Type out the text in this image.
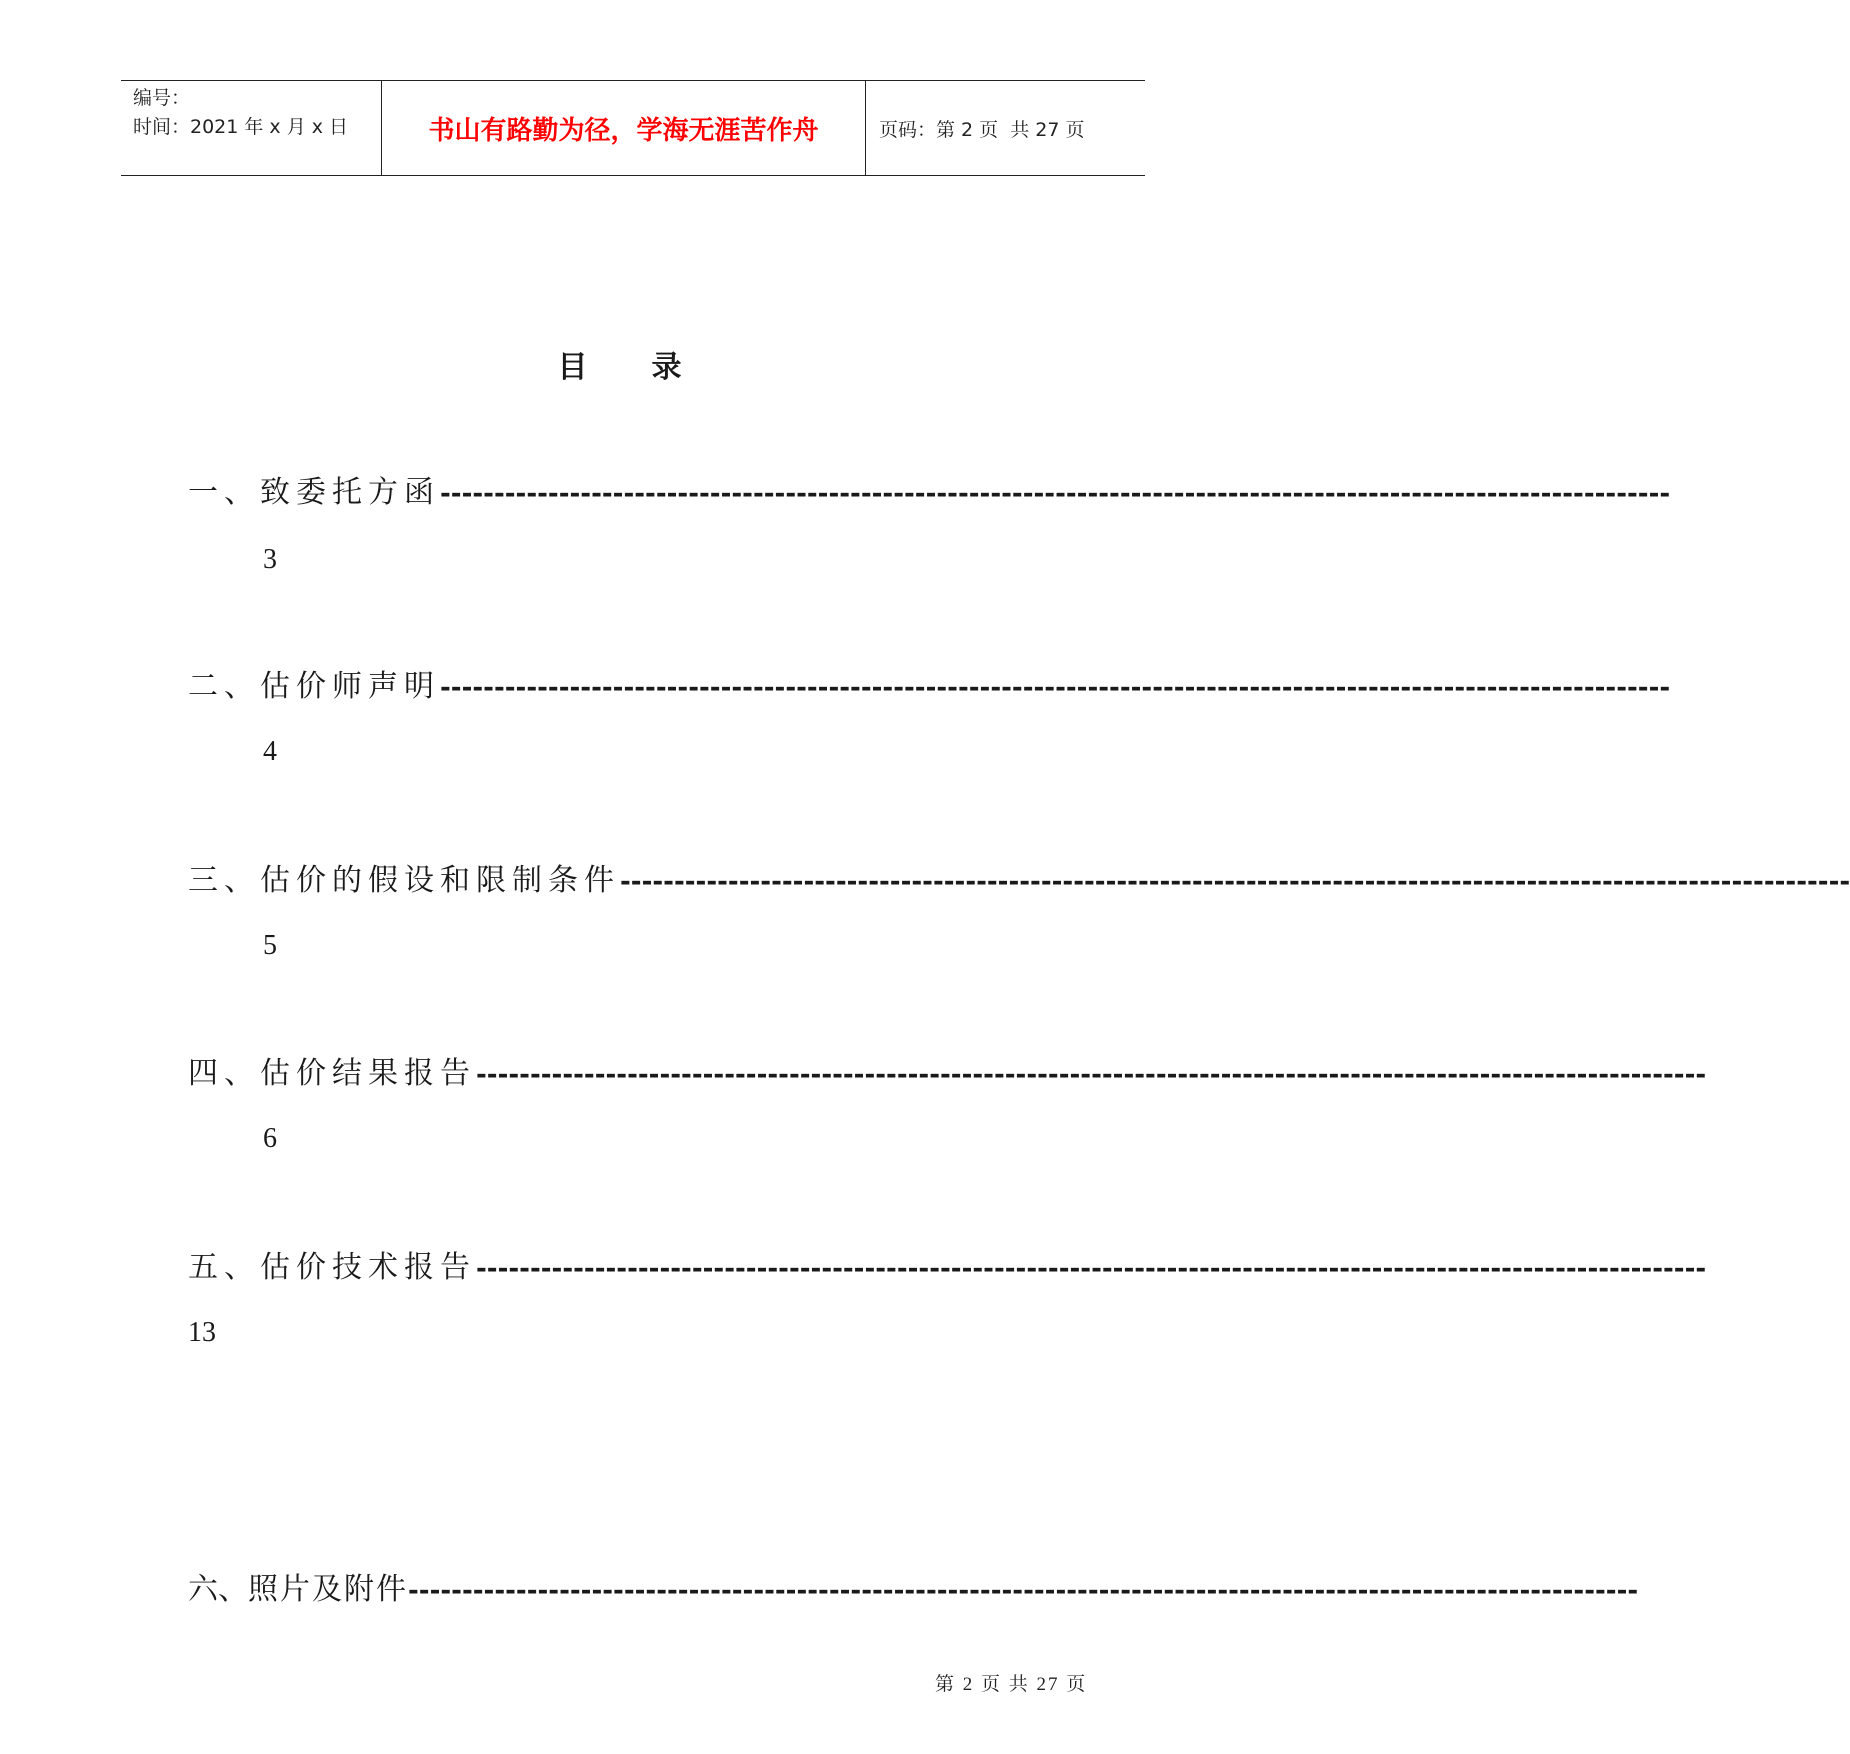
编号：
时间：2021 年 x 月 x 日	书山有路勤为径，学海无涯苦作舟	页码：第 2 页  共 27 页
目 录
一、 致委托方函 ------------------------------------------------------------------------------------------------------------------
3
二、 估价师声明 ------------------------------------------------------------------------------------------------------------------
4
三、 估价的假设和限制条件 ------------------------------------------------------------------------------------------------------------------
5
四、 估价结果报告 ------------------------------------------------------------------------------------------------------------------
6
五、 估价技术报告 ------------------------------------------------------------------------------------------------------------------
13
六、 照片及附件 ------------------------------------------------------------------------------------------------------------------
第 2 页 共 27 页
